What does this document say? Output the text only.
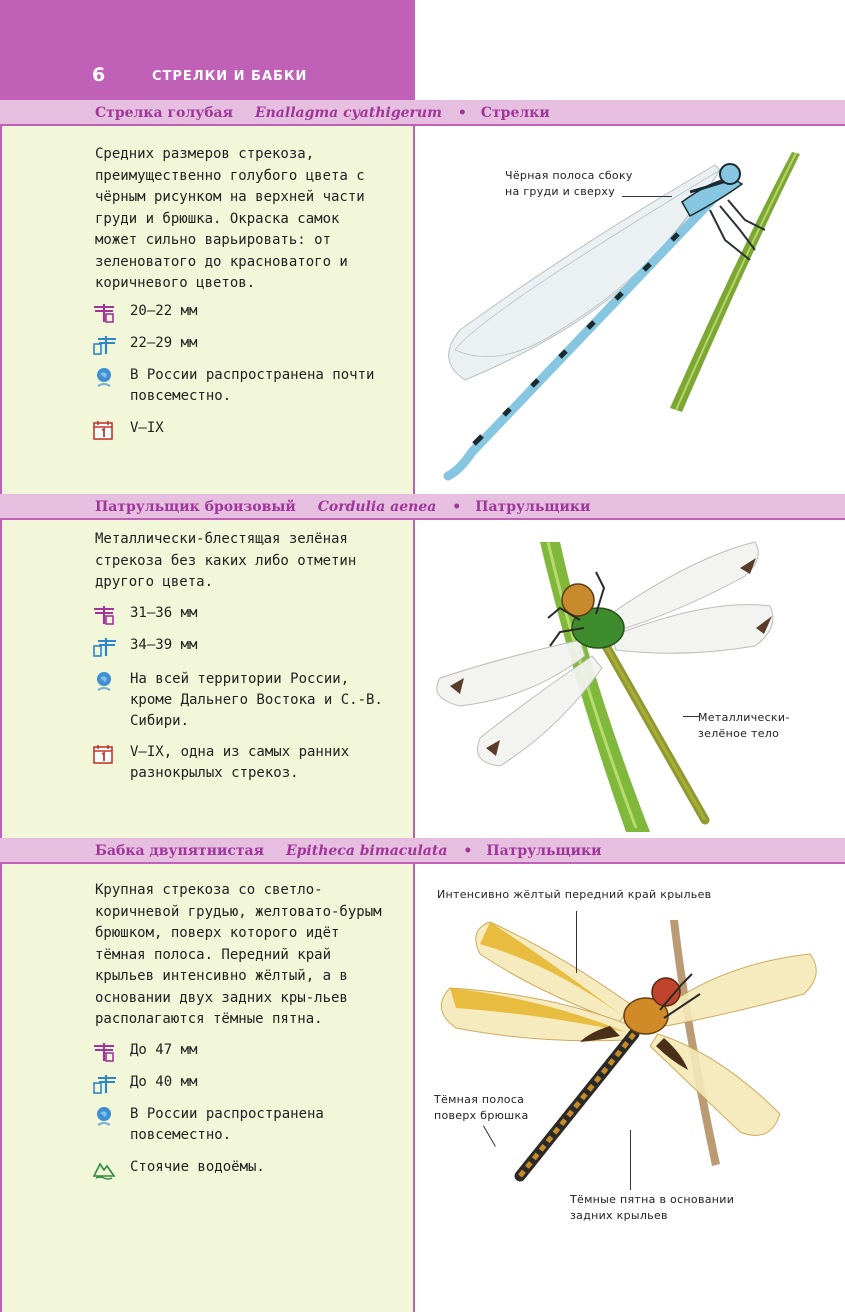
6	СТРЕЛКИ И БАБКИ
Стрелка голубая Enallagma cyathigerum • Стрелки
Средних размеров стрекоза, преимущественно голубого цвета с чёрным рисунком на верхней части груди и брюшка. Окраска самок может сильно варьировать: от зеленоватого до красноватого и коричневого цветов.
20–22 мм
22–29 мм
В России распространена почти повсеместно.
V–IX
Чёрная полоса сбоку на груди и сверху
Патрульщик бронзовый Cordulia aenea • Патрульщики
Металлически-блестящая зелёная стрекоза без каких либо отметин другого цвета.
31–36 мм
34–39 мм
На всей территории России, кроме Дальнего Востока и С.-В. Сибири.
V–IX, одна из самых ранних разнокрылых стрекоз.
Металлически-зелёное тело
Бабка двупятнистая Epitheca bimaculata • Патрульщики
Крупная стрекоза со светло-коричневой грудью, желтовато-бурым брюшком, поверх которого идёт тёмная полоса. Передний край крыльев интенсивно жёлтый, а в основании двух задних кры-льев располагаются тёмные пятна.
До 47 мм
До 40 мм
В России распространена повсеместно.
Стоячие водоёмы.
Интенсивно жёлтый передний край крыльев
Тёмная полоса поверх брюшка
Тёмные пятна в основании задних крыльев
